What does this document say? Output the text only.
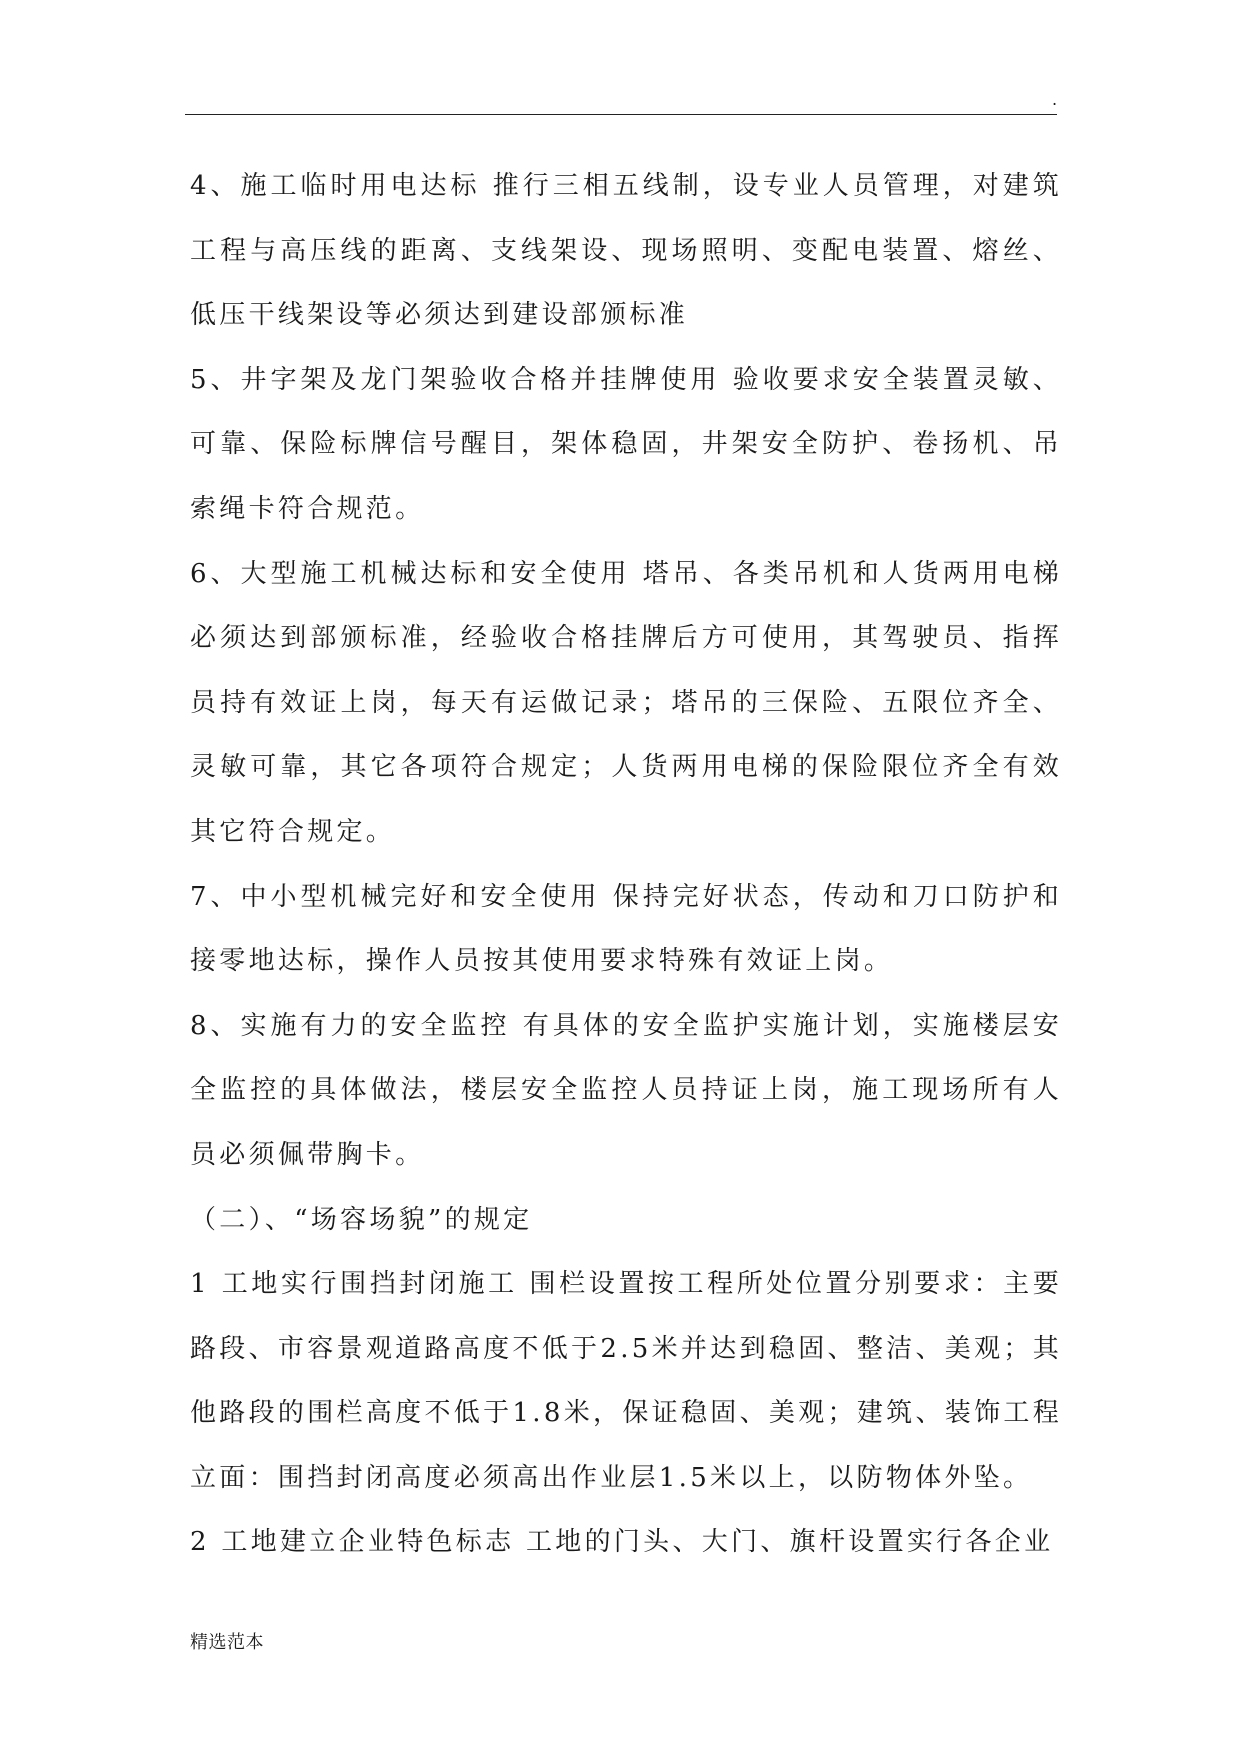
.

4、施工临时用电达标 推行三相五线制，设专业人员管理，对建筑工程与高压线的距离、支线架设、现场照明、变配电装置、熔丝、低压干线架设等必须达到建设部颁标准

5、井字架及龙门架验收合格并挂牌使用 验收要求安全装置灵敏、可靠、保险标牌信号醒目，架体稳固，井架安全防护、卷扬机、吊索绳卡符合规范。

6、大型施工机械达标和安全使用 塔吊、各类吊机和人货两用电梯必须达到部颁标准，经验收合格挂牌后方可使用，其驾驶员、指挥员持有效证上岗，每天有运做记录；塔吊的三保险、五限位齐全、灵敏可靠，其它各项符合规定；人货两用电梯的保险限位齐全有效其它符合规定。

7、中小型机械完好和安全使用 保持完好状态，传动和刀口防护和接零地达标，操作人员按其使用要求特殊有效证上岗。

8、实施有力的安全监控 有具体的安全监护实施计划，实施楼层安全监控的具体做法，楼层安全监控人员持证上岗，施工现场所有人员必须佩带胸卡。

（二）、“场容场貌”的规定

1 工地实行围挡封闭施工 围栏设置按工程所处位置分别要求：主要路段、市容景观道路高度不低于2.5米并达到稳固、整洁、美观；其他路段的围栏高度不低于1.8米，保证稳固、美观；建筑、装饰工程立面：围挡封闭高度必须高出作业层1.5米以上，以防物体外坠。

2 工地建立企业特色标志 工地的门头、大门、旗杆设置实行各企业

精选范本
